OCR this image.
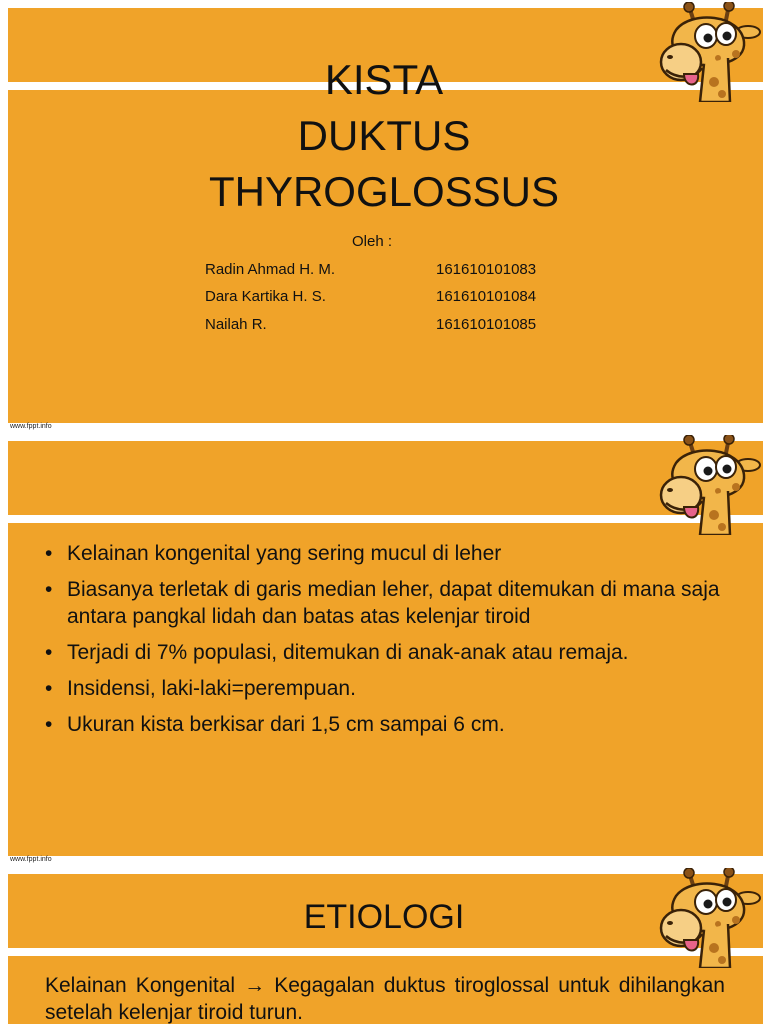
KISTA
DUKTUS
THYROGLOSSUS
Oleh :
Radin Ahmad H. M.	161610101083
Dara Kartika H. S.	161610101084
Nailah R.	161610101085
www.fppt.info
• Kelainan kongenital yang sering mucul di leher
• Biasanya terletak di garis median leher, dapat ditemukan di mana saja antara pangkal lidah dan batas atas kelenjar tiroid
• Terjadi di 7% populasi, ditemukan di anak-anak atau remaja.
• Insidensi, laki-laki=perempuan.
• Ukuran kista berkisar dari 1,5 cm sampai 6 cm.
www.fppt.info
ETIOLOGI
Kelainan Kongenital → Kegagalan duktus tiroglossal untuk dihilangkan setelah kelenjar tiroid turun.
